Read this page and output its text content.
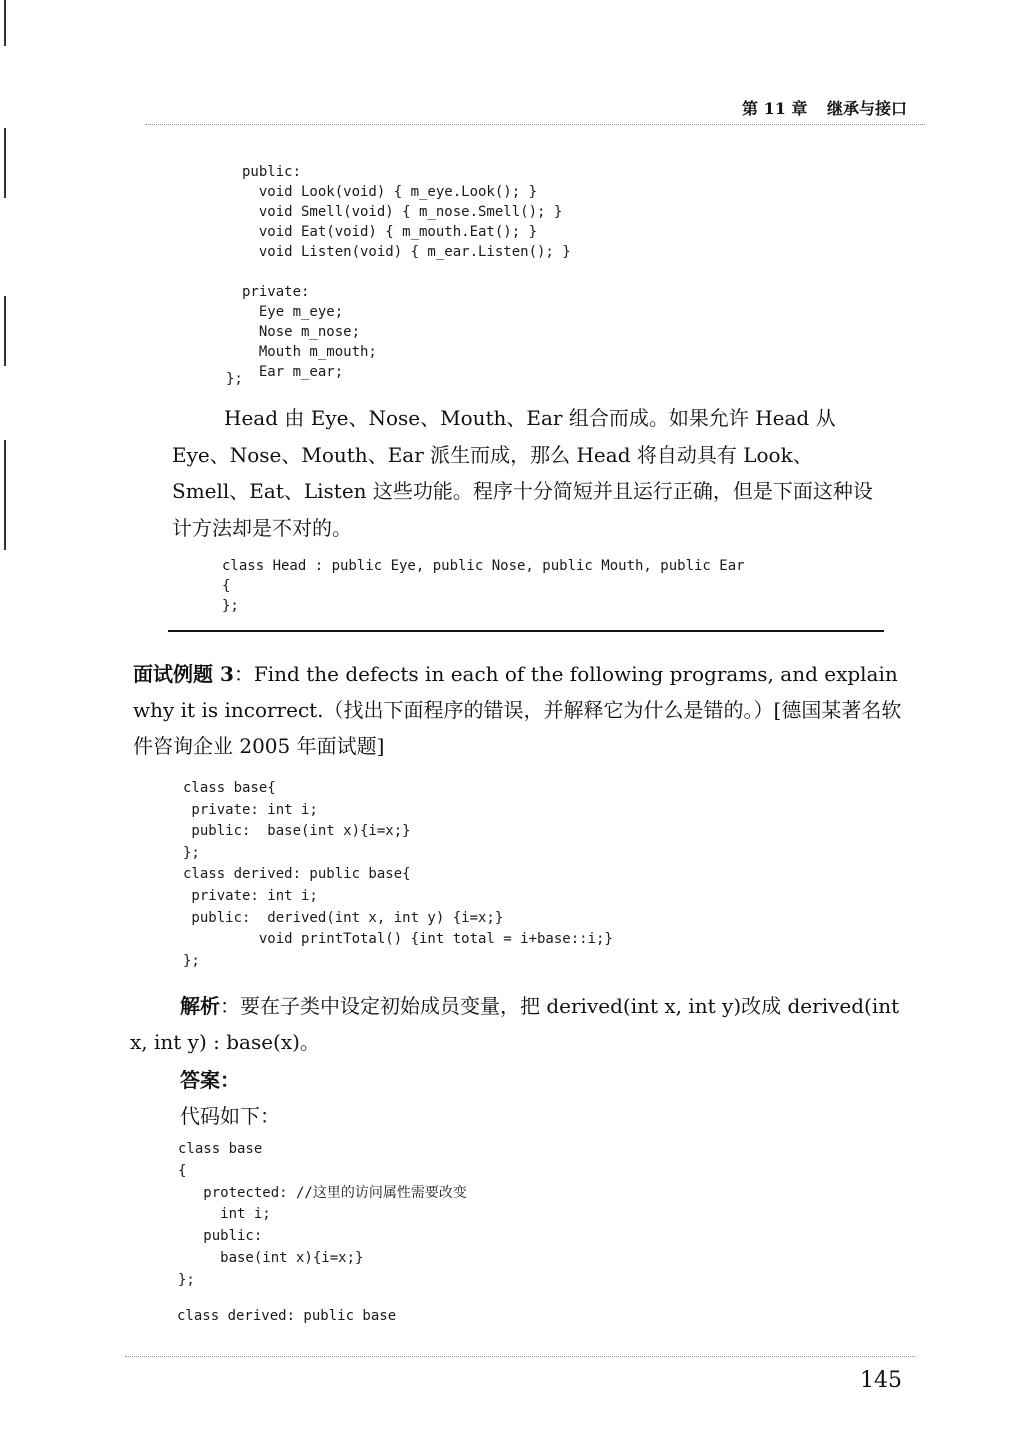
第 11 章 继承与接口
public:
void Look(void) { m_eye.Look(); }
void Smell(void) { m_nose.Smell(); }
void Eat(void) { m_mouth.Eat(); }
void Listen(void) { m_ear.Listen(); }

private:
Eye m_eye;
Nose m_nose;
Mouth m_mouth;
Ear m_ear;
};

Head 由 Eye、Nose、Mouth、Ear 组合而成。如果允许 Head 从 Eye、Nose、Mouth、Ear 派生而成，那么 Head 将自动具有 Look、Smell、Eat、Listen 这些功能。程序十分简短并且运行正确，但是下面这种设计方法却是不对的。

class Head : public Eye, public Nose, public Mouth, public Ear
{
};

面试例题 3：Find the defects in each of the following programs, and explain why it is incorrect.（找出下面程序的错误，并解释它为什么是错的。）[德国某著名软件咨询企业 2005 年面试题]

class base{
private: int i;
public:  base(int x){i=x;}
};
class derived: public base{
private: int i;
public:  derived(int x, int y) {i=x;}
void printTotal() {int total = i+base::i;}
};

解析：要在子类中设定初始成员变量，把 derived(int x, int y)改成 derived(int x, int y) : base(x)。

答案：

代码如下：

class base
{
protected: //这里的访问属性需要改变
int i;
public:
base(int x){i=x;}
};
class derived: public base
145
